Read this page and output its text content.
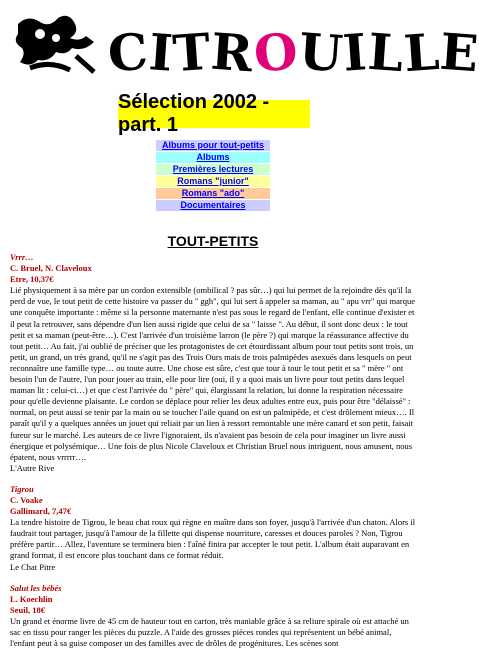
C
I
T
R
O
U
I
L
L
E
Sélection 2002 - part. 1
Albums pour tout-petits
Albums
Premières lectures
Romans "junior"
Romans "ado"
Documentaires
TOUT-PETITS

Vrrr…

C. Bruel, N. Claveloux

Etre, 10,37€

Lié physiquement à sa mère par un cordon extensible (ombilical ? pas sûr…) qui lui permet de la rejoindre dès qu'il la perd de vue, le tout petit de cette histoire va passer du " ggh", qui lui sert à appeler sa maman, au " apu vrr" qui marque une conquête importante : même si la personne maternante n'est pas sous le regard de l'enfant, elle continue d'exister et il peut la retrouver, sans dépendre d'un lien aussi rigide que celui de sa " laisse ". Au début, il sont donc deux : le tout petit et sa maman (peut-être…). C'est l'arrivée d'un troisième larron (le père ?) qui marque la réassurance affective du tout petit… Au fait, j'ai oublié de préciser que les protagonistes de cet étourdissant album pour tout petits sont trois, un petit, un grand, un très grand, qu'il ne s'agit pas des Trois Ours mais de trois palmipèdes asexués dans lesquels on peut reconnaître une famille type… ou toute autre. Une chose est sûre, c'est que tour à tour le tout petit et sa " mère " ont besoin l'un de l'autre, l'un pour jouer au train, elle pour lire (oui, il y a quoi mais un livre pour tout petits dans lequel maman lit : celui-ci…) et que c'est l'arrivée du " père" qui, élargissant la relation, lui donne la respiration nécessaire pour qu'elle devienne plaisante. Le cordon se déplace pour relier les deux adultes entre eux, puis pour être "délaissé" : normal, on peut aussi se tenir par la main ou se toucher l'aile quand on est un palmipède, et c'est drôlement mieux…. Il paraît qu'il y a quelques années un jouet qui reliait par un lien à ressort remontable une mère canard et son petit, faisait fureur sur le marché. Les auteurs de ce livre l'ignoraient, ils n'avaient pas besoin de cela pour imaginer un livre aussi énergique et polysémique… Une fois de plus Nicole Claveloux et Christian Bruel nous intriguent, nous amusent, nous épatent, nous vrrrrr….

L'Autre Rive

Tigrou

C. Voake

Gallimard, 7,47€

La tendre histoire de Tigrou, le beau chat roux qui règne en maître dans son foyer, jusqu'à l'arrivée d'un chaton. Alors il faudrait tout partager, jusqu'à l'amour de la fillette qui dispense nourriture, caresses et douces paroles ? Non, Tigrou préfère partir… Allez, l'aventure se terminera bien : l'aîné finira par accepter le tout petit. L'album était auparavant en grand format, il est encore plus touchant dans ce format réduit.

Le Chat Pitre

Salut les bébés

L. Koechlin

Seuil, 18€

Un grand et énorme livre de 45 cm de hauteur tout en carton, très maniable grâce à sa reliure spirale où est attaché un sac en tissu pour ranger les pièces du puzzle. A l'aide des grosses pièces rondes qui représentent un bébé animal, l'enfant peut à sa guise composer un des familles avec de drôles de progénitures. Les scènes sont
